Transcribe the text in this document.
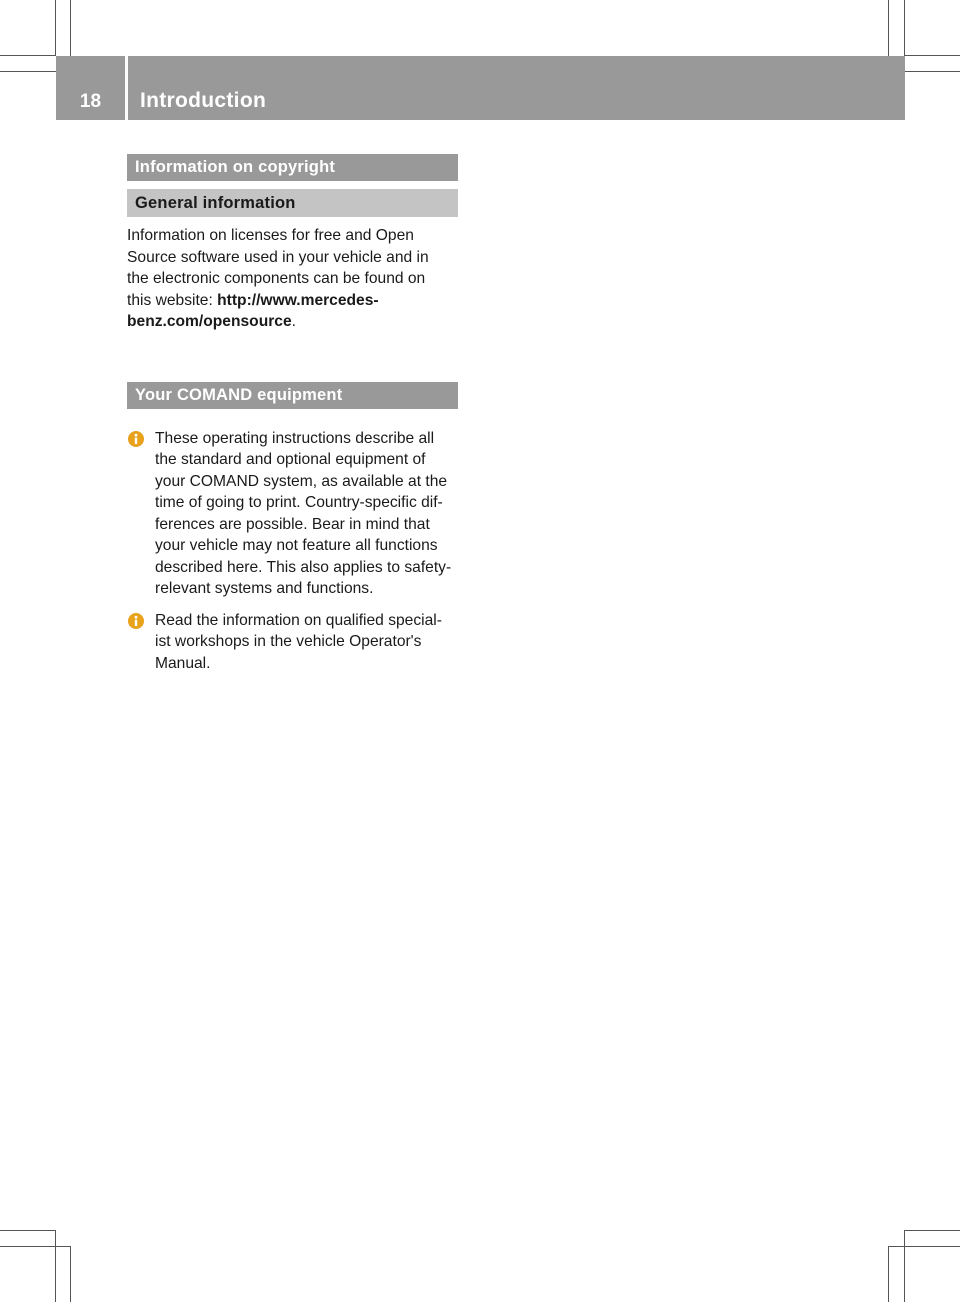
18	Introduction
Information on copyright
General information

Information on licenses for free and Open
Source software used in your vehicle and in
the electronic components can be found on
this website: http://www.mercedes-
benz.com/opensource.

Your COMAND equipment
These operating instructions describe all
the standard and optional equipment of
your COMAND system, as available at the
time of going to print. Country-specific dif-
ferences are possible. Bear in mind that
your vehicle may not feature all functions
described here. This also applies to safety-
relevant systems and functions.
Read the information on qualified special-
ist workshops in the vehicle Operator's
Manual.
